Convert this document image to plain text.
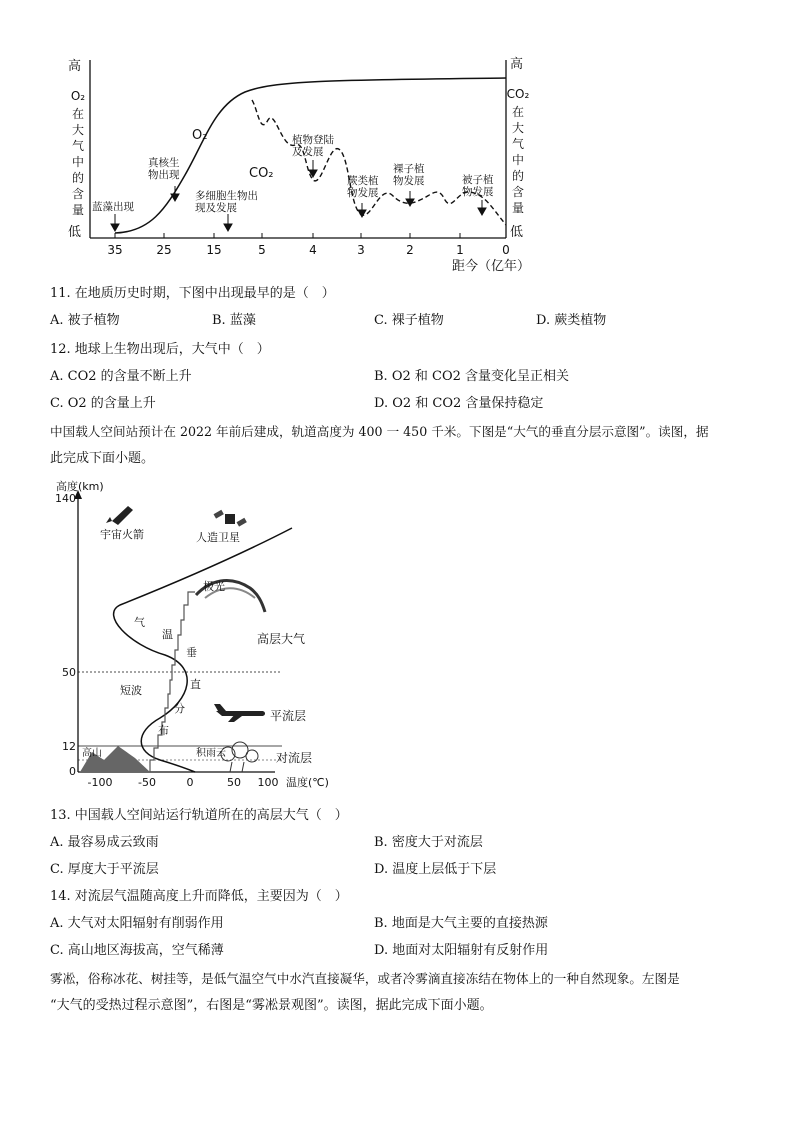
高
低
高
低
O₂
在
大
气
中
的
含
量
CO₂
在
大
气
中
的
含
量
35	25	15	5	4	3	2	1	0
距今（亿年）
O₂
CO₂
蓝藻出现
真核生物出现
多细胞生物出现及发展
植物登陆及发展
蕨类植物发展
裸子植物发展	被子植物发展
11. 在地质历史时期，下图中出现最早的是（　）
A. 被子植物	B. 蓝藻	C. 裸子植物	D. 蕨类植物
12. 地球上生物出现后，大气中（　）
A. CO2 的含量不断上升	B. O2 和 CO2 含量变化呈正相关
C. O2 的含量上升	D. O2 和 CO2 含量保持稳定
中国载人空间站预计在 2022 年前后建成，轨道高度为 400 一 450 千米。下图是“大气的垂直分层示意图”。读图，据
此完成下面小题。
高度(km)
140
50
12
0
-100 -50	0	50 100 温度(℃)
高山
极光
宇宙火箭	人造卫星
积雨云
高层大气
平流层
对流层
短波
气
温
垂
直
分
布
13. 中国载人空间站运行轨道所在的高层大气（　）
A. 最容易成云致雨	B. 密度大于对流层
C. 厚度大于平流层	D. 温度上层低于下层
14. 对流层气温随高度上升而降低，主要因为（　）
A. 大气对太阳辐射有削弱作用	B. 地面是大气主要的直接热源
C. 高山地区海拔高，空气稀薄	D. 地面对太阳辐射有反射作用
雾凇，俗称冰花、树挂等，是低气温空气中水汽直接凝华，或者冷雾滴直接冻结在物体上的一种自然现象。左图是
“大气的受热过程示意图”，右图是“雾凇景观图”。读图，据此完成下面小题。
